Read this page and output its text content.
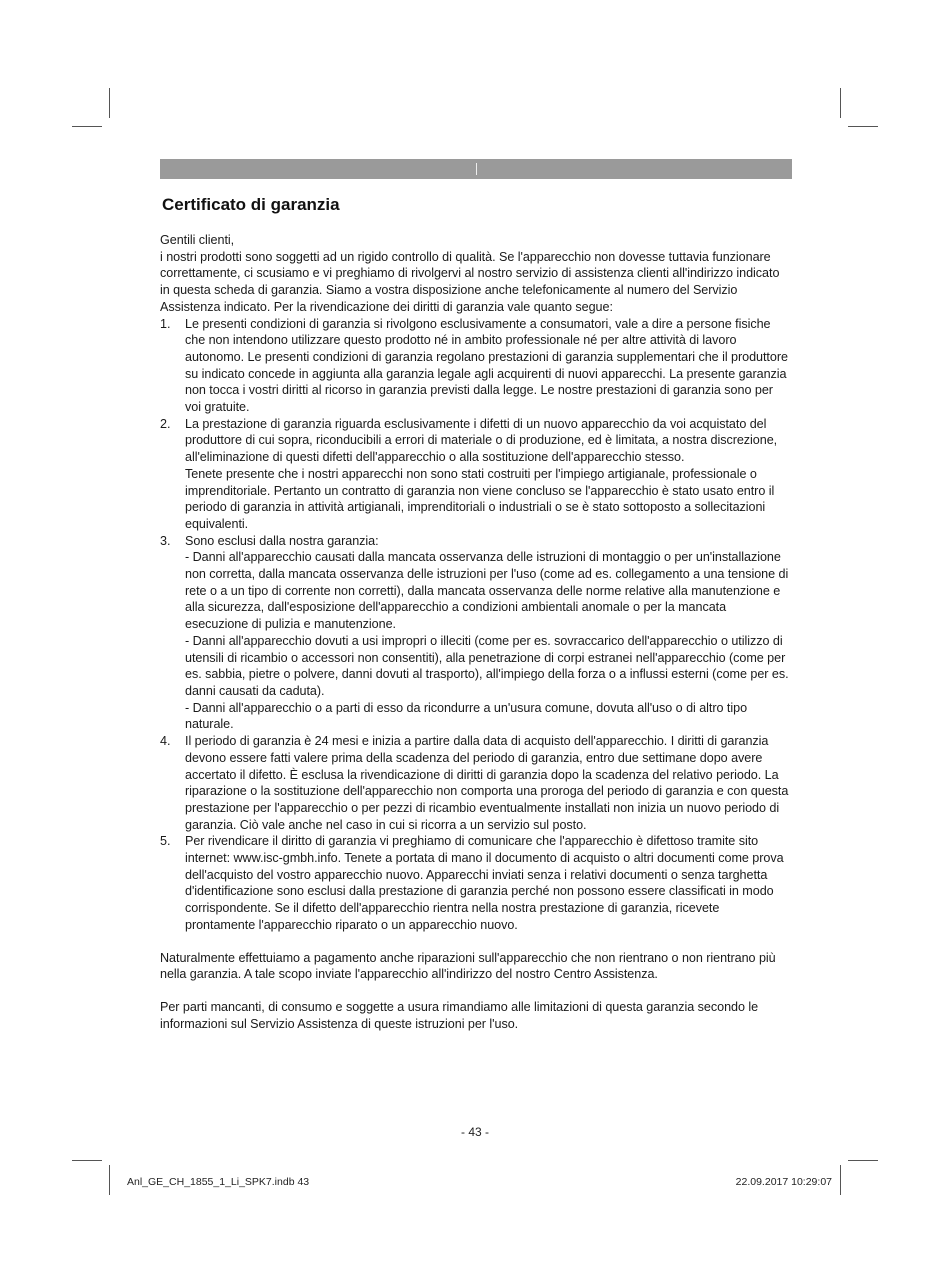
Certificato di garanzia

Gentili clienti,

i nostri prodotti sono soggetti ad un rigido controllo di qualità. Se l'apparecchio non dovesse tuttavia funzionare correttamente, ci scusiamo e vi preghiamo di rivolgervi al nostro servizio di assistenza clienti all'indirizzo indicato in questa scheda di garanzia. Siamo a vostra disposizione anche telefonicamente al numero del Servizio Assistenza indicato. Per la rivendicazione dei diritti di garanzia vale quanto segue:

1. Le presenti condizioni di garanzia si rivolgono esclusivamente a consumatori, vale a dire a persone fisiche che non intendono utilizzare questo prodotto né in ambito professionale né per altre attività di lavoro autonomo. Le presenti condizioni di garanzia regolano prestazioni di garanzia supplementari che il produttore su indicato concede in aggiunta alla garanzia legale agli acquirenti di nuovi apparecchi. La presente garanzia non tocca i vostri diritti al ricorso in garanzia previsti dalla legge. Le nostre prestazioni di garanzia sono per voi gratuite.

2. La prestazione di garanzia riguarda esclusivamente i difetti di un nuovo apparecchio da voi acquistato del produttore di cui sopra, riconducibili a errori di materiale o di produzione, ed è limitata, a nostra discrezione, all'eliminazione di questi difetti dell'apparecchio o alla sostituzione dell'apparecchio stesso.

Tenete presente che i nostri apparecchi non sono stati costruiti per l'impiego artigianale, professionale o imprenditoriale. Pertanto un contratto di garanzia non viene concluso se l'apparecchio è stato usato entro il periodo di garanzia in attività artigianali, imprenditoriali o industriali o se è stato sottoposto a sollecitazioni equivalenti.

3. Sono esclusi dalla nostra garanzia:

- Danni all'apparecchio causati dalla mancata osservanza delle istruzioni di montaggio o per un'installazione non corretta, dalla mancata osservanza delle istruzioni per l'uso (come ad es. collegamento a una tensione di rete o a un tipo di corrente non corretti), dalla mancata osservanza delle norme relative alla manutenzione e alla sicurezza, dall'esposizione dell'apparecchio a condizioni ambientali anomale o per la mancata esecuzione di pulizia e manutenzione.

- Danni all'apparecchio dovuti a usi impropri o illeciti (come per es. sovraccarico dell'apparecchio o utilizzo di utensili di ricambio o accessori non consentiti), alla penetrazione di corpi estranei nell'apparecchio (come per es. sabbia, pietre o polvere, danni dovuti al trasporto), all'impiego della forza o a influssi esterni (come per es. danni causati da caduta).

- Danni all'apparecchio o a parti di esso da ricondurre a un'usura comune, dovuta all'uso o di altro tipo naturale.

4. Il periodo di garanzia è 24 mesi e inizia a partire dalla data di acquisto dell'apparecchio. I diritti di garanzia devono essere fatti valere prima della scadenza del periodo di garanzia, entro due settimane dopo avere accertato il difetto. È esclusa la rivendicazione di diritti di garanzia dopo la scadenza del relativo periodo. La riparazione o la sostituzione dell'apparecchio non comporta una proroga del periodo di garanzia e con questa prestazione per l'apparecchio o per pezzi di ricambio eventualmente installati non inizia un nuovo periodo di garanzia. Ciò vale anche nel caso in cui si ricorra a un servizio sul posto.

5. Per rivendicare il diritto di garanzia vi preghiamo di comunicare che l'apparecchio è difettoso tramite sito internet: www.isc-gmbh.info. Tenete a portata di mano il documento di acquisto o altri documenti come prova dell'acquisto del vostro apparecchio nuovo. Apparecchi inviati senza i relativi documenti o senza targhetta d'identificazione sono esclusi dalla prestazione di garanzia perché non possono essere classificati in modo corrispondente. Se il difetto dell'apparecchio rientra nella nostra prestazione di garanzia, ricevete prontamente l'apparecchio riparato o un apparecchio nuovo.

Naturalmente effettuiamo a pagamento anche riparazioni sull'apparecchio che non rientrano o non rientrano più nella garanzia. A tale scopo inviate l'apparecchio all'indirizzo del nostro Centro Assistenza.

Per parti mancanti, di consumo e soggette a usura rimandiamo alle limitazioni di questa garanzia secondo le informazioni sul Servizio Assistenza di queste istruzioni per l'uso.

- 43 -
Anl_GE_CH_1855_1_Li_SPK7.indb 43	22.09.2017 10:29:07
